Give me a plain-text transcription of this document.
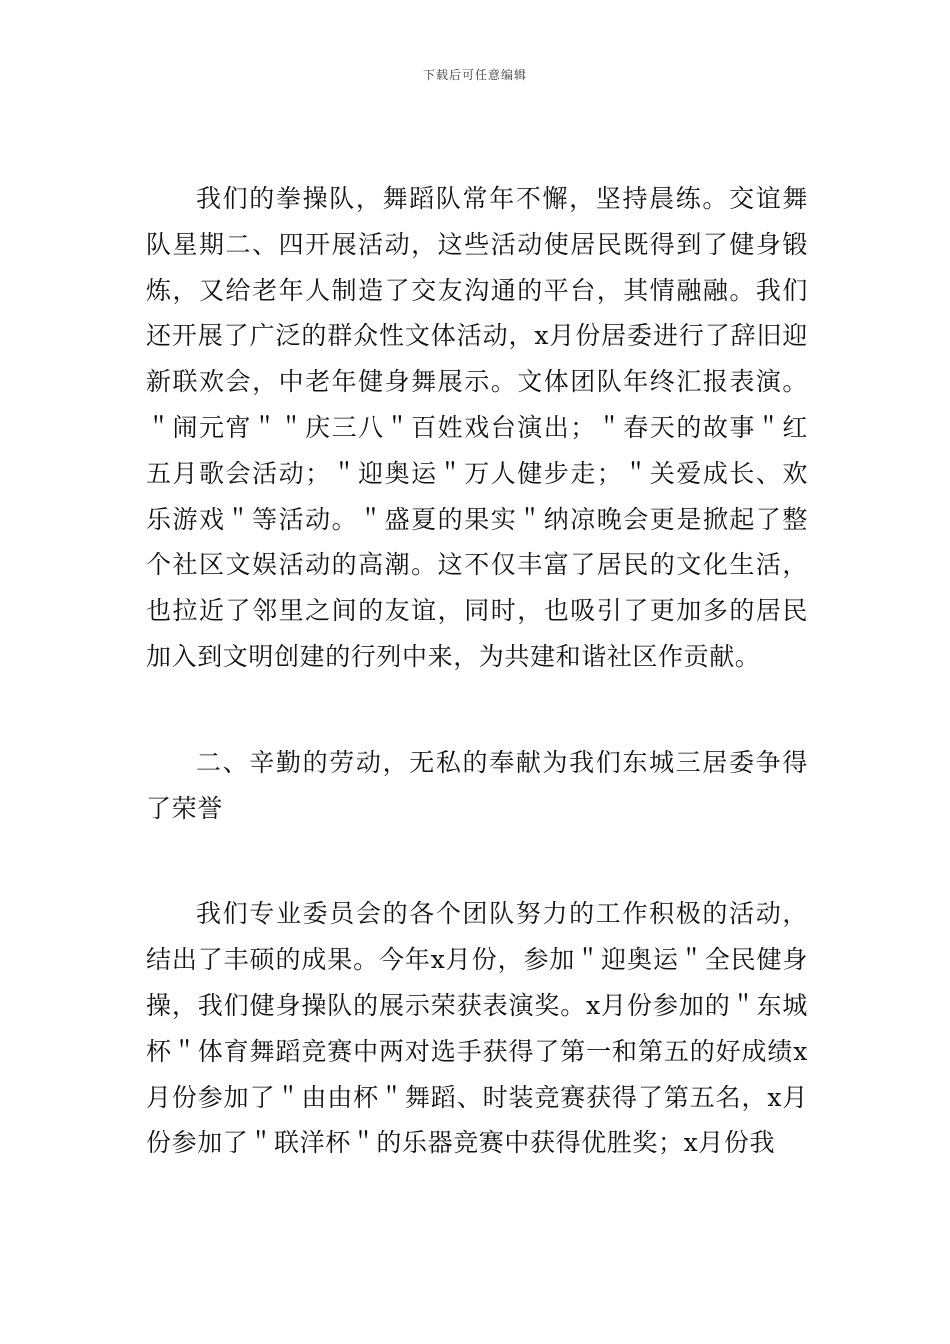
下载后可任意编辑

我们的拳操队，舞蹈队常年不懈，坚持晨练。交谊舞队星期二、四开展活动，这些活动使居民既得到了健身锻炼，又给老年人制造了交友沟通的平台，其情融融。我们还开展了广泛的群众性文体活动，x月份居委进行了辞旧迎新联欢会，中老年健身舞展示。文体团队年终汇报表演。＂闹元宵＂＂庆三八＂百姓戏台演出；＂春天的故事＂红五月歌会活动；＂迎奥运＂万人健步走；＂关爱成长、欢乐游戏＂等活动。＂盛夏的果实＂纳凉晚会更是掀起了整个社区文娱活动的高潮。这不仅丰富了居民的文化生活，也拉近了邻里之间的友谊，同时，也吸引了更加多的居民加入到文明创建的行列中来，为共建和谐社区作贡献。

二、辛勤的劳动，无私的奉献为我们东城三居委争得了荣誉

我们专业委员会的各个团队努力的工作积极的活动，结出了丰硕的成果。今年x月份，参加＂迎奥运＂全民健身操，我们健身操队的展示荣获表演奖。x月份参加的＂东城杯＂体育舞蹈竞赛中两对选手获得了第一和第五的好成绩x月份参加了＂由由杯＂舞蹈、时装竞赛获得了第五名，x月份参加了＂联洋杯＂的乐器竞赛中获得优胜奖；x月份我
